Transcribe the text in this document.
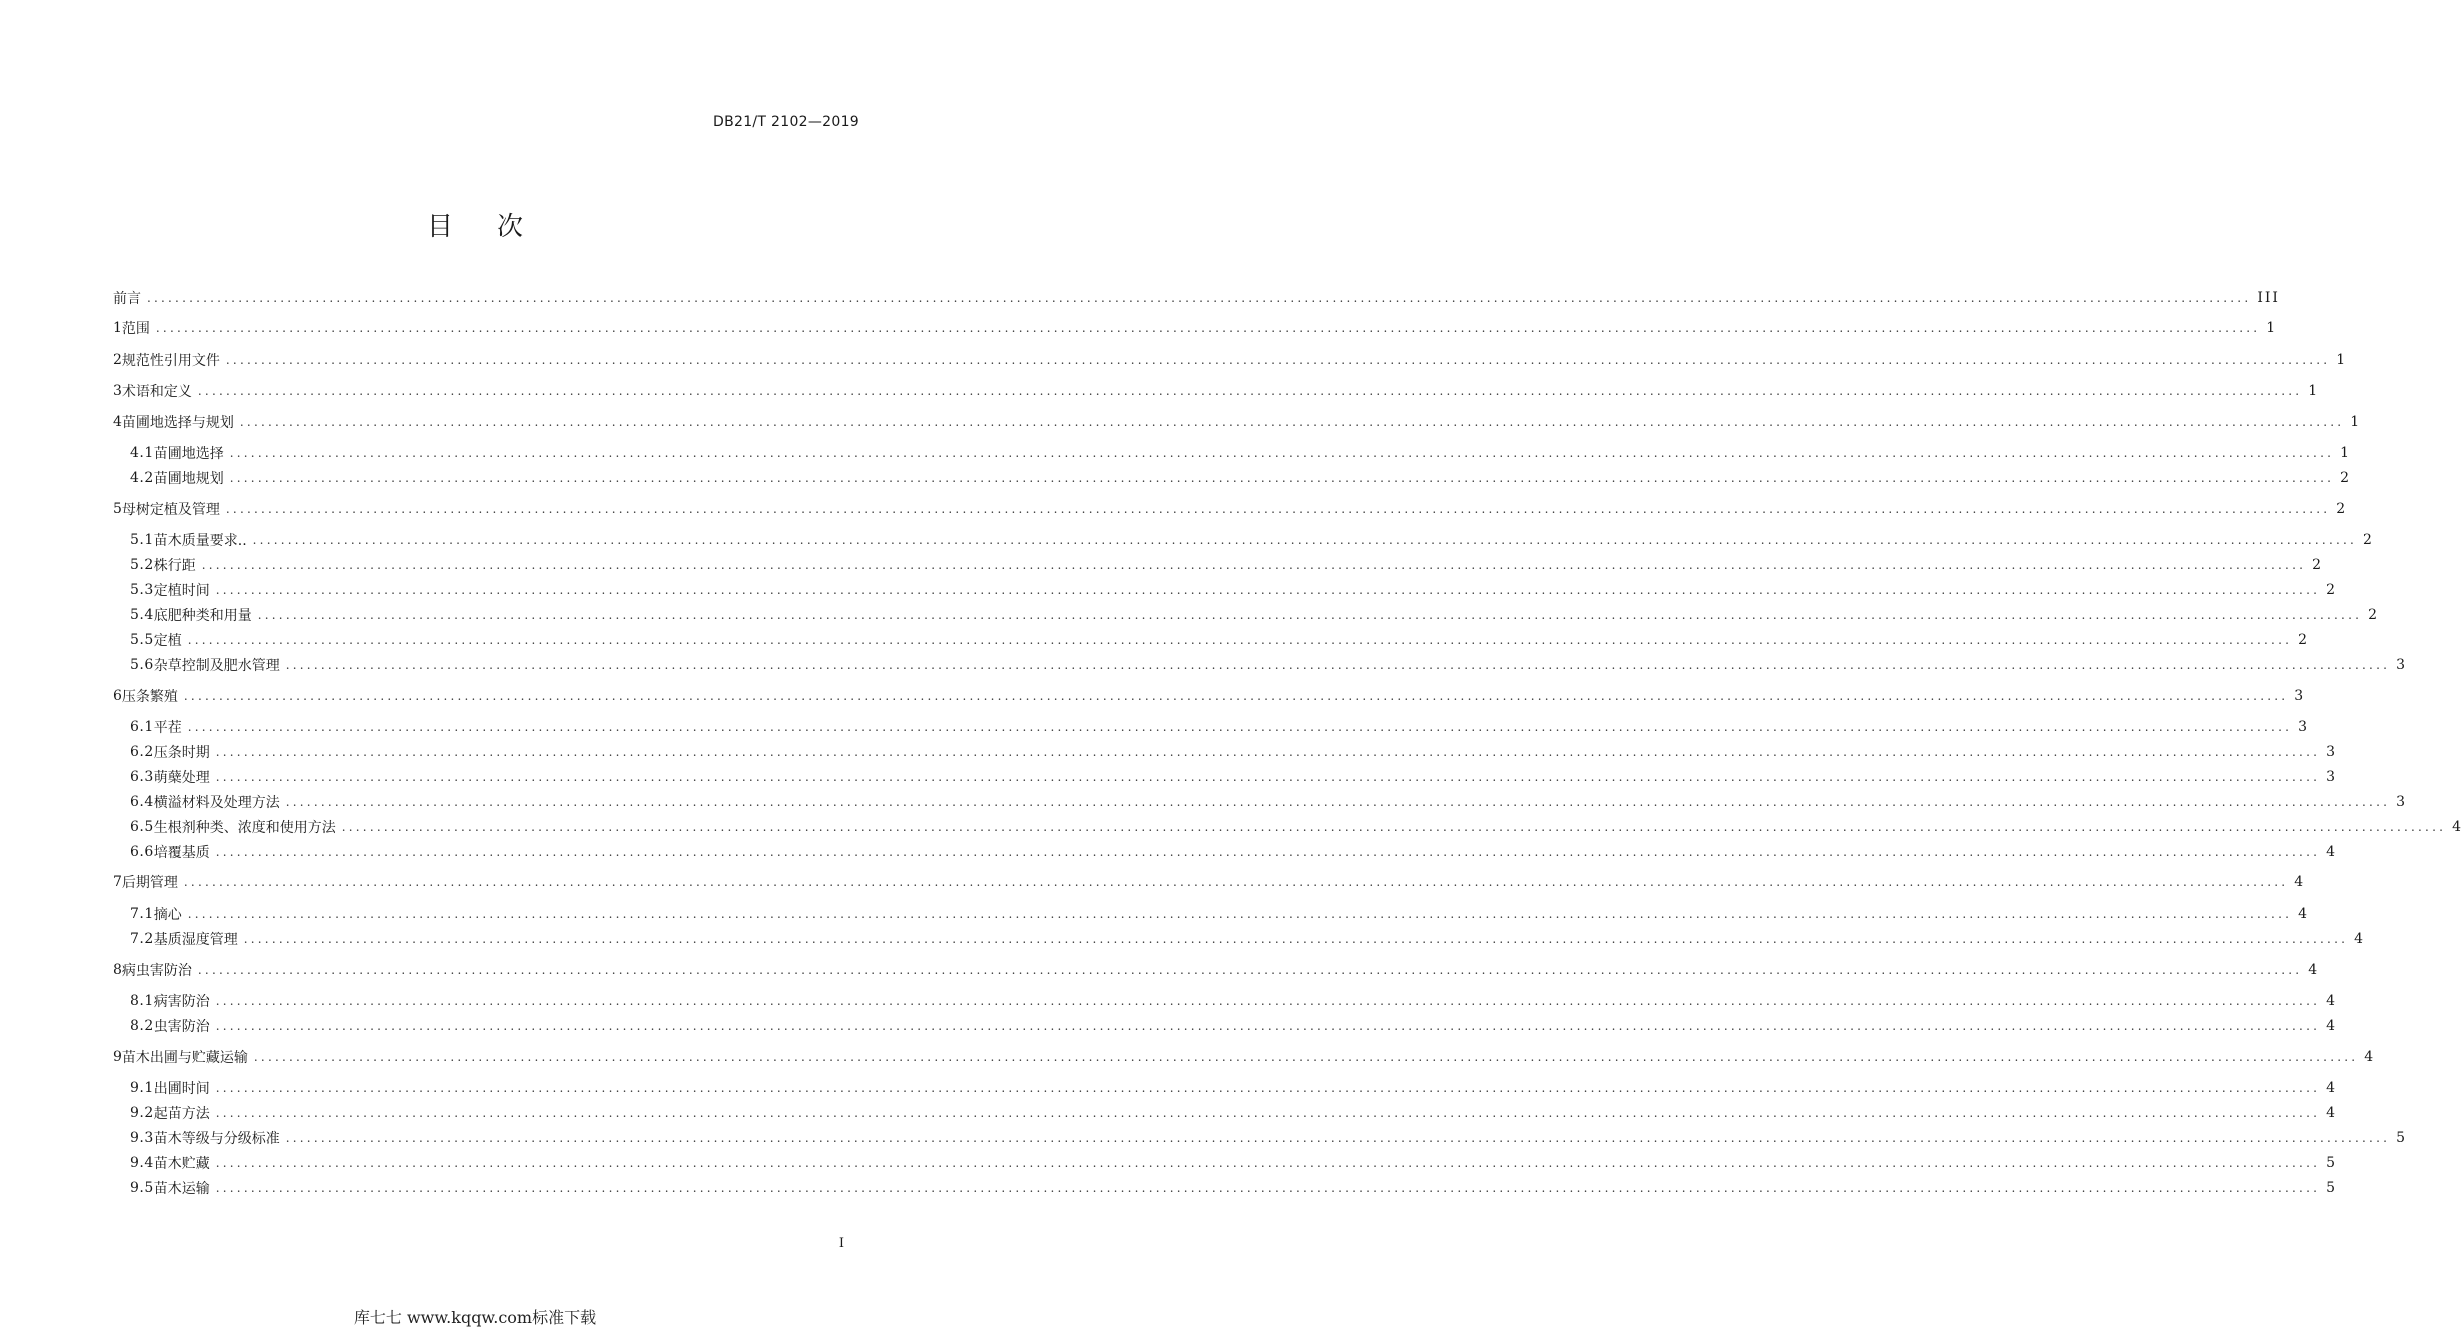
DB21/T 2102—2019
目次
前言 ............................................................................................................................................................................................................................................................................................................ III
1 范围 ............................................................................................................................................................................................................................................................................................................ 1
2 规范性引用文件 ............................................................................................................................................................................................................................................................................................................ 1
3 术语和定义 ............................................................................................................................................................................................................................................................................................................ 1
4 苗圃地选择与规划 ............................................................................................................................................................................................................................................................................................................ 1
4.1 苗圃地选择 ............................................................................................................................................................................................................................................................................................................ 1
4.2 苗圃地规划 ............................................................................................................................................................................................................................................................................................................ 2
5 母树定植及管理 ............................................................................................................................................................................................................................................................................................................ 2
5.1 苗木质量要求.. ............................................................................................................................................................................................................................................................................................................ 2
5.2 株行距 ............................................................................................................................................................................................................................................................................................................ 2
5.3 定植时间 ............................................................................................................................................................................................................................................................................................................ 2
5.4 底肥种类和用量 ............................................................................................................................................................................................................................................................................................................ 2
5.5 定植 ............................................................................................................................................................................................................................................................................................................ 2
5.6 杂草控制及肥水管理 ............................................................................................................................................................................................................................................................................................................ 3
6 压条繁殖 ............................................................................................................................................................................................................................................................................................................ 3
6.1 平茬 ............................................................................................................................................................................................................................................................................................................ 3
6.2 压条时期 ............................................................................................................................................................................................................................................................................................................ 3
6.3 萌蘖处理 ............................................................................................................................................................................................................................................................................................................ 3
6.4 横溢材料及处理方法 ............................................................................................................................................................................................................................................................................................................ 3
6.5 生根剂种类、浓度和使用方法 ............................................................................................................................................................................................................................................................................................................ 4
6.6 培覆基质 ............................................................................................................................................................................................................................................................................................................ 4
7 后期管理 ............................................................................................................................................................................................................................................................................................................ 4
7.1 摘心 ............................................................................................................................................................................................................................................................................................................ 4
7.2 基质湿度管理 ............................................................................................................................................................................................................................................................................................................ 4
8 病虫害防治 ............................................................................................................................................................................................................................................................................................................ 4
8.1 病害防治 ............................................................................................................................................................................................................................................................................................................ 4
8.2 虫害防治 ............................................................................................................................................................................................................................................................................................................ 4
9 苗木出圃与贮藏运输 ............................................................................................................................................................................................................................................................................................................ 4
9.1 出圃时间 ............................................................................................................................................................................................................................................................................................................ 4
9.2 起苗方法 ............................................................................................................................................................................................................................................................................................................ 4
9.3 苗木等级与分级标准 ............................................................................................................................................................................................................................................................................................................ 5
9.4 苗木贮藏 ............................................................................................................................................................................................................................................................................................................ 5
9.5 苗木运输 ............................................................................................................................................................................................................................................................................................................ 5
I
库七七 www.kqqw.com标准下载
